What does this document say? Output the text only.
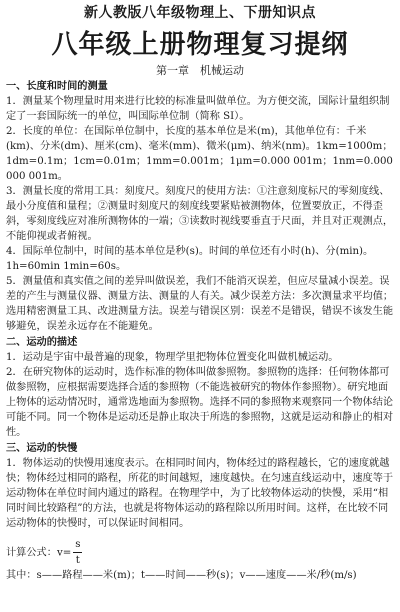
新人教版八年级物理上、下册知识点
八年级上册物理复习提纲
第一章　机械运动
一、长度和时间的测量

1．测量某个物理量时用来进行比较的标准量叫做单位。为方便交流，国际计量组织制定了一套国际统一的单位，叫国际单位制（简称 SI）。

2．长度的单位：在国际单位制中，长度的基本单位是米(m)，其他单位有：千米(km)、分米(dm)、厘米(cm)、毫米(mm)、微米(μm)、纳米(nm)。1km=1000m；1dm=0.1m；1cm=0.01m；1mm=0.001m；1μm=0.000 001m；1nm=0.000 000 001m。

3．测量长度的常用工具：刻度尺。刻度尺的使用方法：①注意刻度标尺的零刻度线、最小分度值和量程；②测量时刻度尺的刻度线要紧贴被测物体，位置要放正，不得歪斜，零刻度线应对准所测物体的一端；③读数时视线要垂直于尺面，并且对正观测点，不能仰视或者俯视。

4．国际单位制中，时间的基本单位是秒(s)。时间的单位还有小时(h)、分(min)。1h=60min 1min=60s。

5．测量值和真实值之间的差异叫做误差，我们不能消灭误差，但应尽量减小误差。误差的产生与测量仪器、测量方法、测量的人有关。减少误差方法：多次测量求平均值；选用精密测量工具、改进测量方法。误差与错误区别：误差不是错误，错误不该发生能够避免，误差永远存在不能避免。

二、运动的描述

1．运动是宇宙中最普遍的现象，物理学里把物体位置变化叫做机械运动。

2．在研究物体的运动时，选作标准的物体叫做参照物。参照物的选择：任何物体都可做参照物，应根据需要选择合适的参照物（不能选被研究的物体作参照物）。研究地面上物体的运动情况时，通常选地面为参照物。选择不同的参照物来观察同一个物体结论可能不同。同一个物体是运动还是静止取决于所选的参照物，这就是运动和静止的相对性。

三、运动的快慢

1．物体运动的快慢用速度表示。在相同时间内，物体经过的路程越长，它的速度就越快；物体经过相同的路程，所花的时间越短，速度越快。在匀速直线运动中，速度等于运动物体在单位时间内通过的路程。在物理学中，为了比较物体运动的快慢，采用“相同时间比较路程”的方法，也就是将物体运动的路程除以所用时间。这样，在比较不同运动物体的快慢时，可以保证时间相同。

计算公式：$v= \frac{s}{t}$

其中：s——路程——米(m)；t——时间——秒(s)；v——速度——米/秒(m/s)
